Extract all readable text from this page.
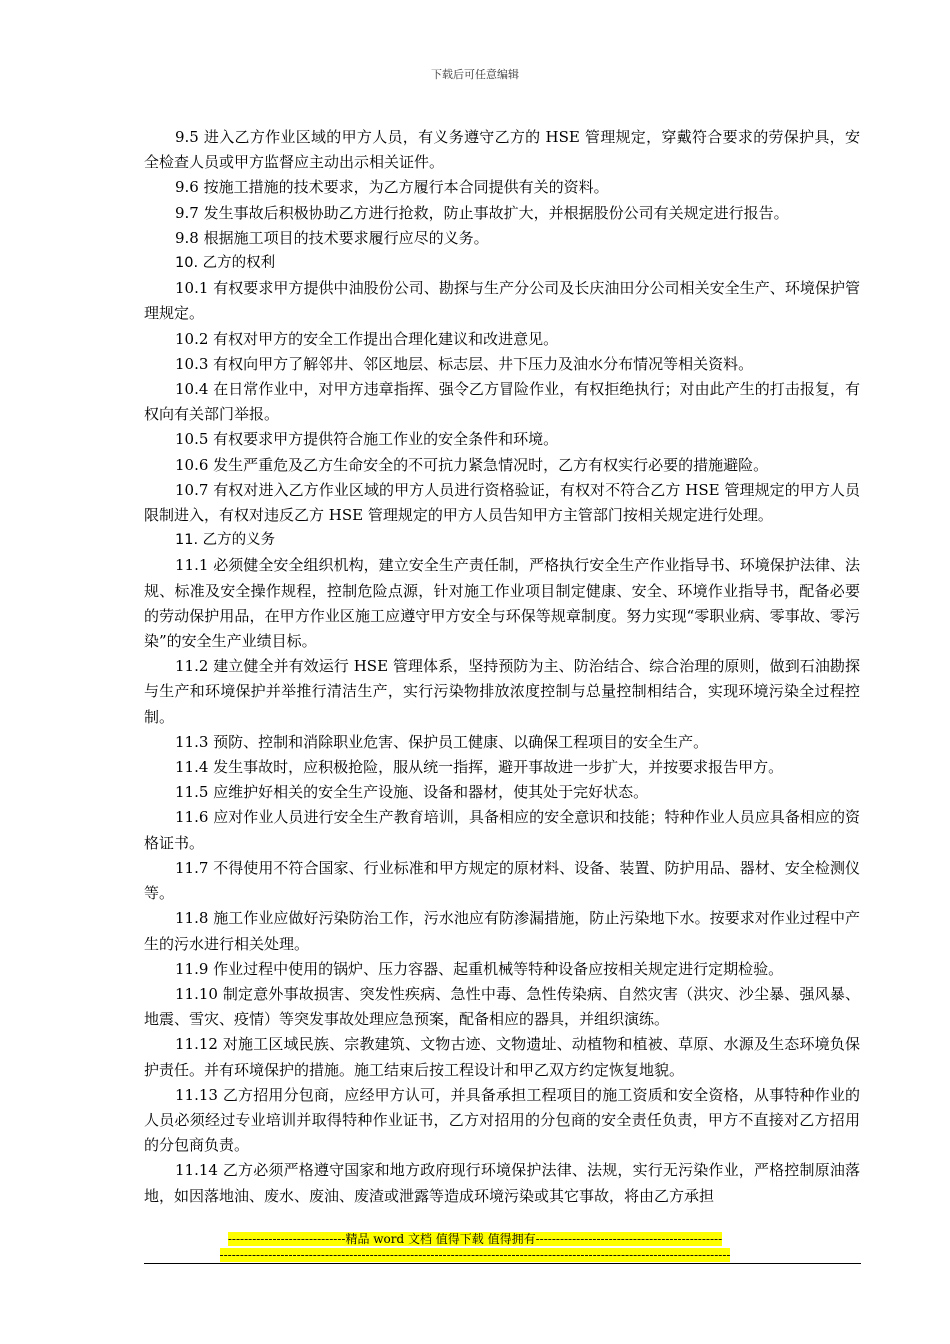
下载后可任意编辑

9.5 进入乙方作业区域的甲方人员，有义务遵守乙方的 HSE 管理规定，穿戴符合要求的劳保护具，安全检查人员或甲方监督应主动出示相关证件。

9.6 按施工措施的技术要求，为乙方履行本合同提供有关的资料。

9.7 发生事故后积极协助乙方进行抢救，防止事故扩大，并根据股份公司有关规定进行报告。

9.8 根据施工项目的技术要求履行应尽的义务。

10. 乙方的权利

10.1 有权要求甲方提供中油股份公司、勘探与生产分公司及长庆油田分公司相关安全生产、环境保护管理规定。

10.2 有权对甲方的安全工作提出合理化建议和改进意见。

10.3 有权向甲方了解邻井、邻区地层、标志层、井下压力及油水分布情况等相关资料。

10.4 在日常作业中，对甲方违章指挥、强令乙方冒险作业，有权拒绝执行；对由此产生的打击报复，有权向有关部门举报。

10.5 有权要求甲方提供符合施工作业的安全条件和环境。

10.6 发生严重危及乙方生命安全的不可抗力紧急情况时，乙方有权实行必要的措施避险。

10.7 有权对进入乙方作业区域的甲方人员进行资格验证，有权对不符合乙方 HSE 管理规定的甲方人员限制进入，有权对违反乙方 HSE 管理规定的甲方人员告知甲方主管部门按相关规定进行处理。

11. 乙方的义务

11.1 必须健全安全组织机构，建立安全生产责任制，严格执行安全生产作业指导书、环境保护法律、法规、标准及安全操作规程，控制危险点源，针对施工作业项目制定健康、安全、环境作业指导书，配备必要的劳动保护用品，在甲方作业区施工应遵守甲方安全与环保等规章制度。努力实现“零职业病、零事故、零污染”的安全生产业绩目标。

11.2 建立健全并有效运行 HSE 管理体系，坚持预防为主、防治结合、综合治理的原则，做到石油勘探与生产和环境保护并举推行清洁生产，实行污染物排放浓度控制与总量控制相结合，实现环境污染全过程控制。

11.3 预防、控制和消除职业危害、保护员工健康、以确保工程项目的安全生产。

11.4 发生事故时，应积极抢险，服从统一指挥，避开事故进一步扩大，并按要求报告甲方。

11.5 应维护好相关的安全生产设施、设备和器材，使其处于完好状态。

11.6 应对作业人员进行安全生产教育培训，具备相应的安全意识和技能；特种作业人员应具备相应的资格证书。

11.7 不得使用不符合国家、行业标准和甲方规定的原材料、设备、装置、防护用品、器材、安全检测仪等。

11.8 施工作业应做好污染防治工作，污水池应有防渗漏措施，防止污染地下水。按要求对作业过程中产生的污水进行相关处理。

11.9 作业过程中使用的锅炉、压力容器、起重机械等特种设备应按相关规定进行定期检验。

11.10 制定意外事故损害、突发性疾病、急性中毒、急性传染病、自然灾害（洪灾、沙尘暴、强风暴、地震、雪灾、疫情）等突发事故处理应急预案，配备相应的器具，并组织演练。

11.12 对施工区域民族、宗教建筑、文物古迹、文物遗址、动植物和植被、草原、水源及生态环境负保护责任。并有环境保护的措施。施工结束后按工程设计和甲乙双方约定恢复地貌。

11.13 乙方招用分包商，应经甲方认可，并具备承担工程项目的施工资质和安全资格，从事特种作业的人员必须经过专业培训并取得特种作业证书，乙方对招用的分包商的安全责任负责，甲方不直接对乙方招用的分包商负责。

11.14 乙方必须严格遵守国家和地方政府现行环境保护法律、法规，实行无污染作业，严格控制原油落地，如因落地油、废水、废油、废渣或泄露等造成环境污染或其它事故，将由乙方承担

-----------------------------精品 word 文档 值得下载 值得拥有----------------------------------------------
------------------------------------------------------------------------------------------------------------------------------
